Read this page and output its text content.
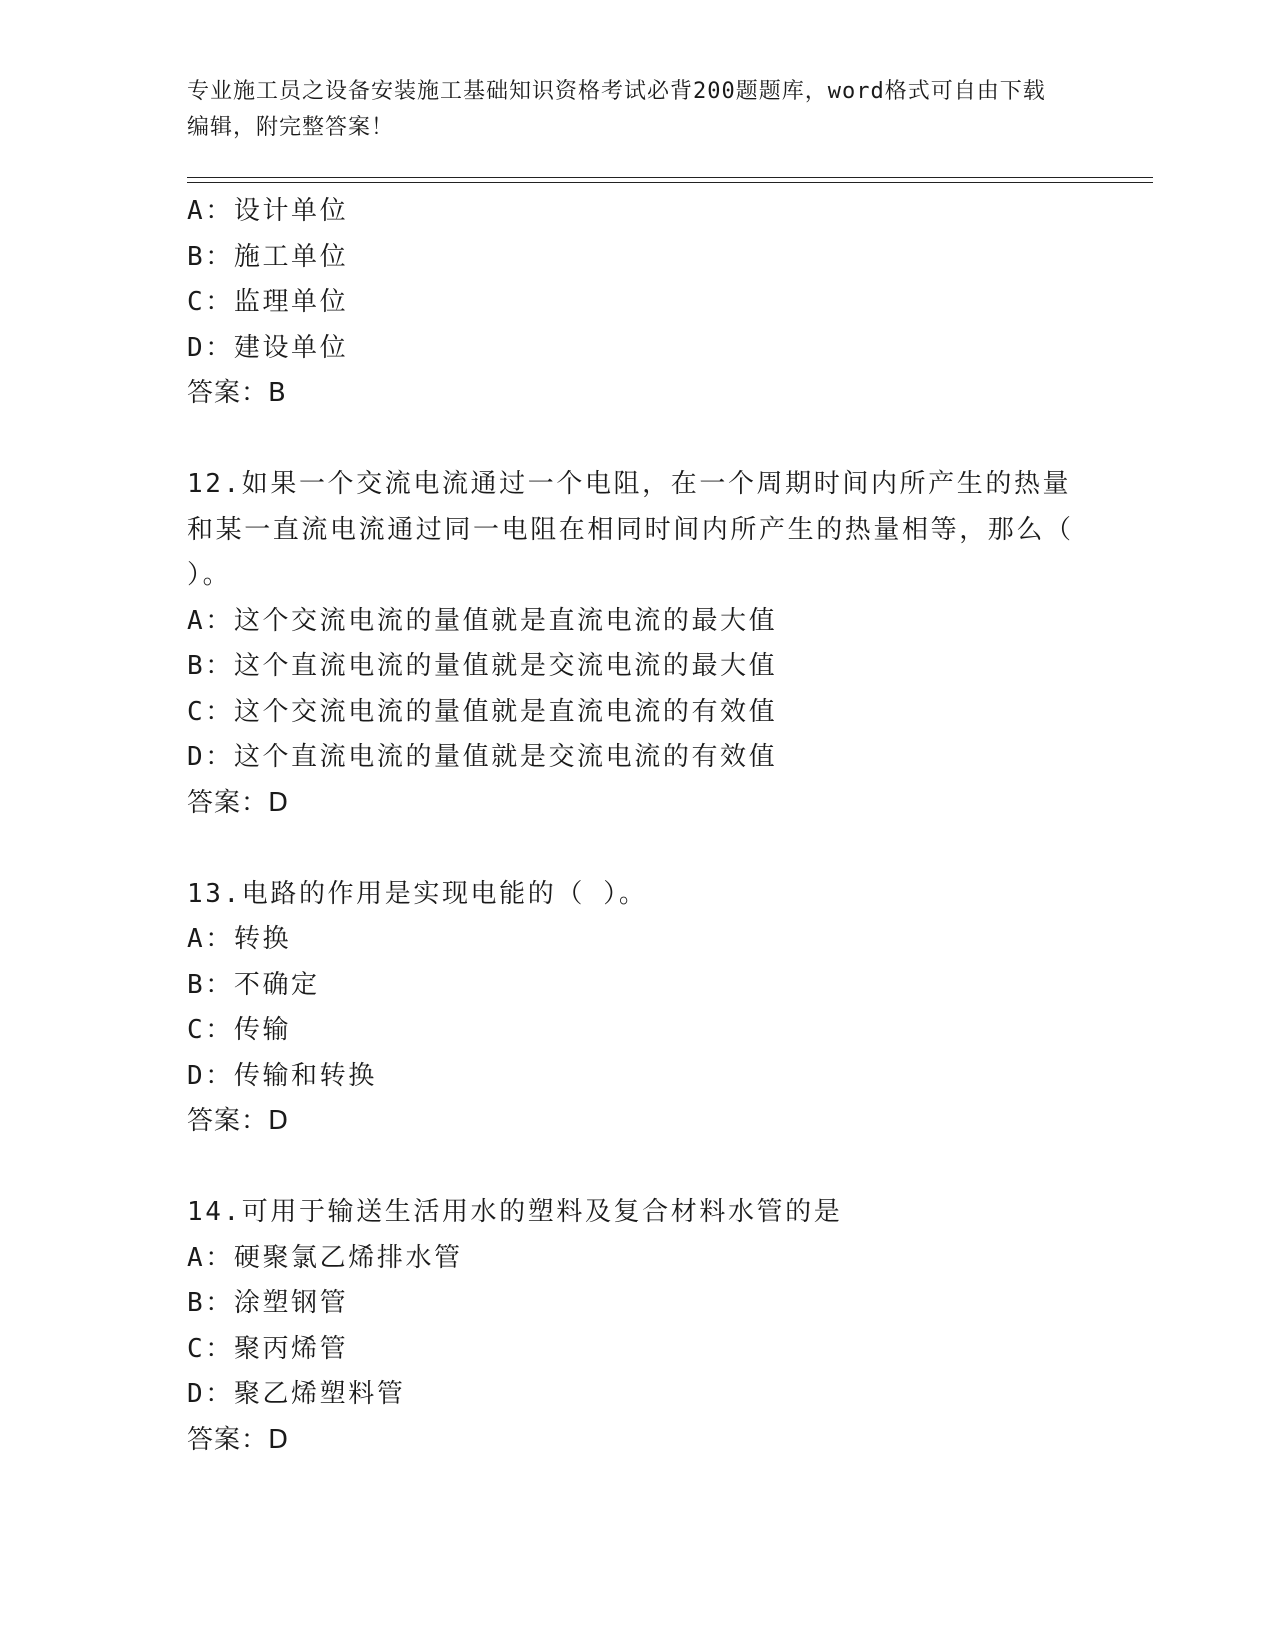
专业施工员之设备安装施工基础知识资格考试必背200题题库，word格式可自由下载编辑，附完整答案！
A：设计单位
B：施工单位
C：监理单位
D：建设单位
答案：B
12.如果一个交流电流通过一个电阻，在一个周期时间内所产生的热量和某一直流电流通过同一电阻在相同时间内所产生的热量相等，那么（ ）。
A：这个交流电流的量值就是直流电流的最大值
B：这个直流电流的量值就是交流电流的最大值
C：这个交流电流的量值就是直流电流的有效值
D：这个直流电流的量值就是交流电流的有效值
答案：D
13.电路的作用是实现电能的（ ）。
A：转换
B：不确定
C：传输
D：传输和转换
答案：D
14.可用于输送生活用水的塑料及复合材料水管的是
A：硬聚氯乙烯排水管
B：涂塑钢管
C：聚丙烯管
D：聚乙烯塑料管
答案：D
